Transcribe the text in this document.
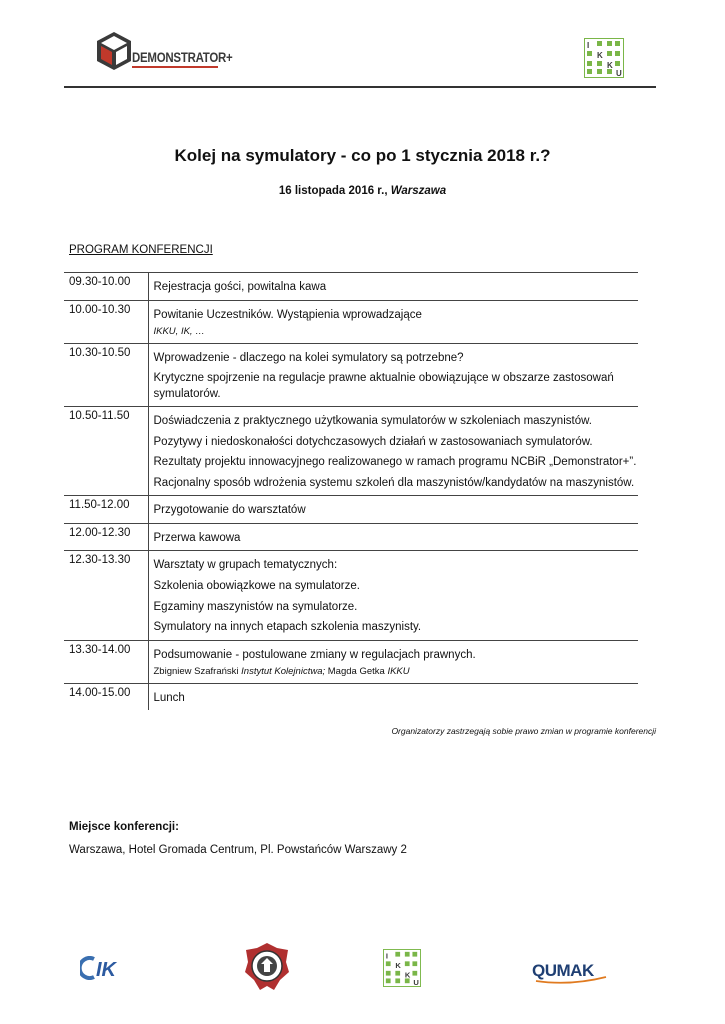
DEMONSTRATOR+
I
K
K
U
Kolej na symulatory - co po 1 stycznia 2018 r.?
16 listopada 2016 r., Warszawa
PROGRAM KONFERENCJI
09.30-10.00	Rejestracja gości, powitalna kawa

10.00-10.30	Powitanie Uczestników. Wystąpienia wprowadzające

IKKU, IK, …

10.30-10.50	Wprowadzenie - dlaczego na kolei symulatory są potrzebne?

Krytyczne spojrzenie na regulacje prawne aktualnie obowiązujące w obszarze zastosowań symulatorów.

10.50-11.50	Doświadczenia z praktycznego użytkowania symulatorów w szkoleniach maszynistów.

Pozytywy i niedoskonałości dotychczasowych działań w zastosowaniach symulatorów.

Rezultaty projektu innowacyjnego realizowanego w ramach programu NCBiR „Demonstrator+”.

Racjonalny sposób wdrożenia systemu szkoleń dla maszynistów/kandydatów na maszynistów.

11.50-12.00	Przygotowanie do warsztatów

12.00-12.30	Przerwa kawowa

12.30-13.30	Warsztaty w grupach tematycznych:

Szkolenia obowiązkowe na symulatorze.

Egzaminy maszynistów na symulatorze.

Symulatory na innych etapach szkolenia maszynisty.

13.30-14.00	Podsumowanie - postulowane zmiany w regulacjach prawnych.

Zbigniew Szafrański Instytut Kolejnictwa; Magda Getka IKKU

14.00-15.00	Lunch

Organizatorzy zastrzegają sobie prawo zmian w programie konferencji
Miejsce konferencji:
Warszawa, Hotel Gromada Centrum, Pl. Powstańców Warszawy 2
IK
I
K
K
U
QUMAK
